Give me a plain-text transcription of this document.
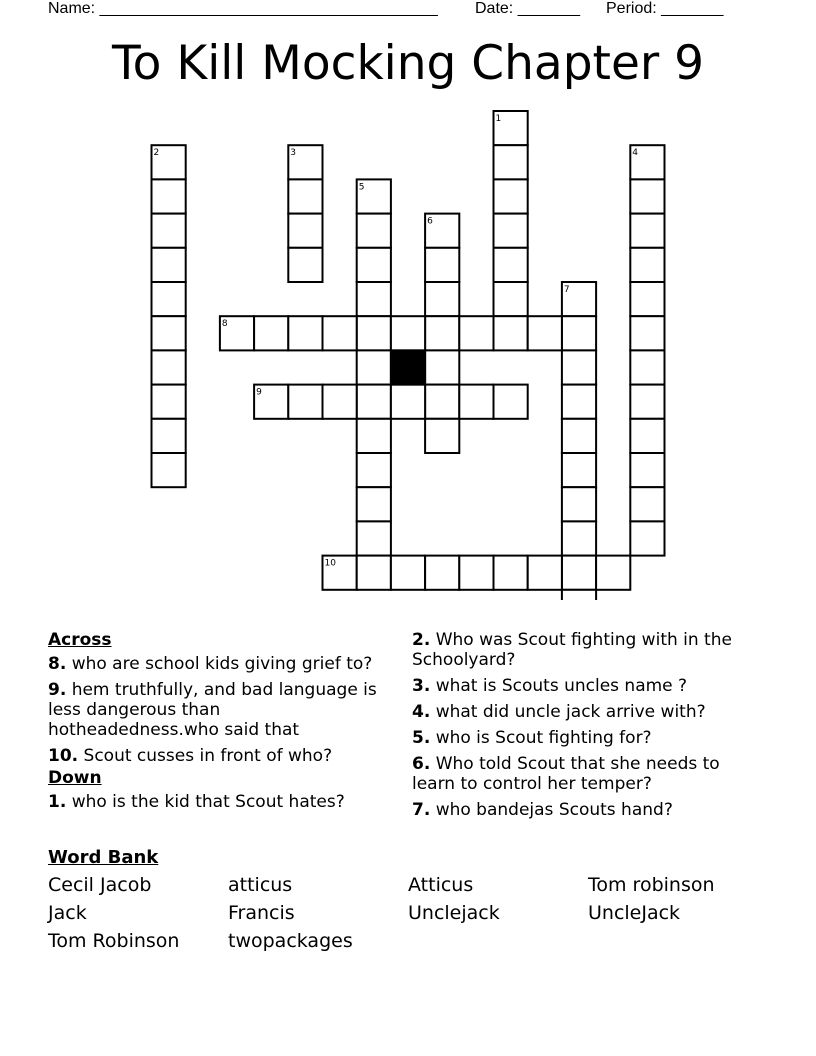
Name: ______________________________________ Date: _______ Period: _______
To Kill Mocking Chapter 9
1
2	3	4
5
6
7
8
9
10
Across
8. who are school kids giving grief to?
9. hem truthfully, and bad language is less dangerous than hotheadedness.who said that
10. Scout cusses in front of who?
Down
1. who is the kid that Scout hates?
2. Who was Scout fighting with in the Schoolyard?
3. what is Scouts uncles name ?
4. what did uncle jack arrive with?
5. who is Scout fighting for?
6. Who told Scout that she needs to learn to control her temper?
7. who bandejas Scouts hand?
Word Bank
Cecil Jacob	atticus	Atticus	Tom robinson
Jack	Francis	Unclejack	UncleJack
Tom Robinson	twopackages
